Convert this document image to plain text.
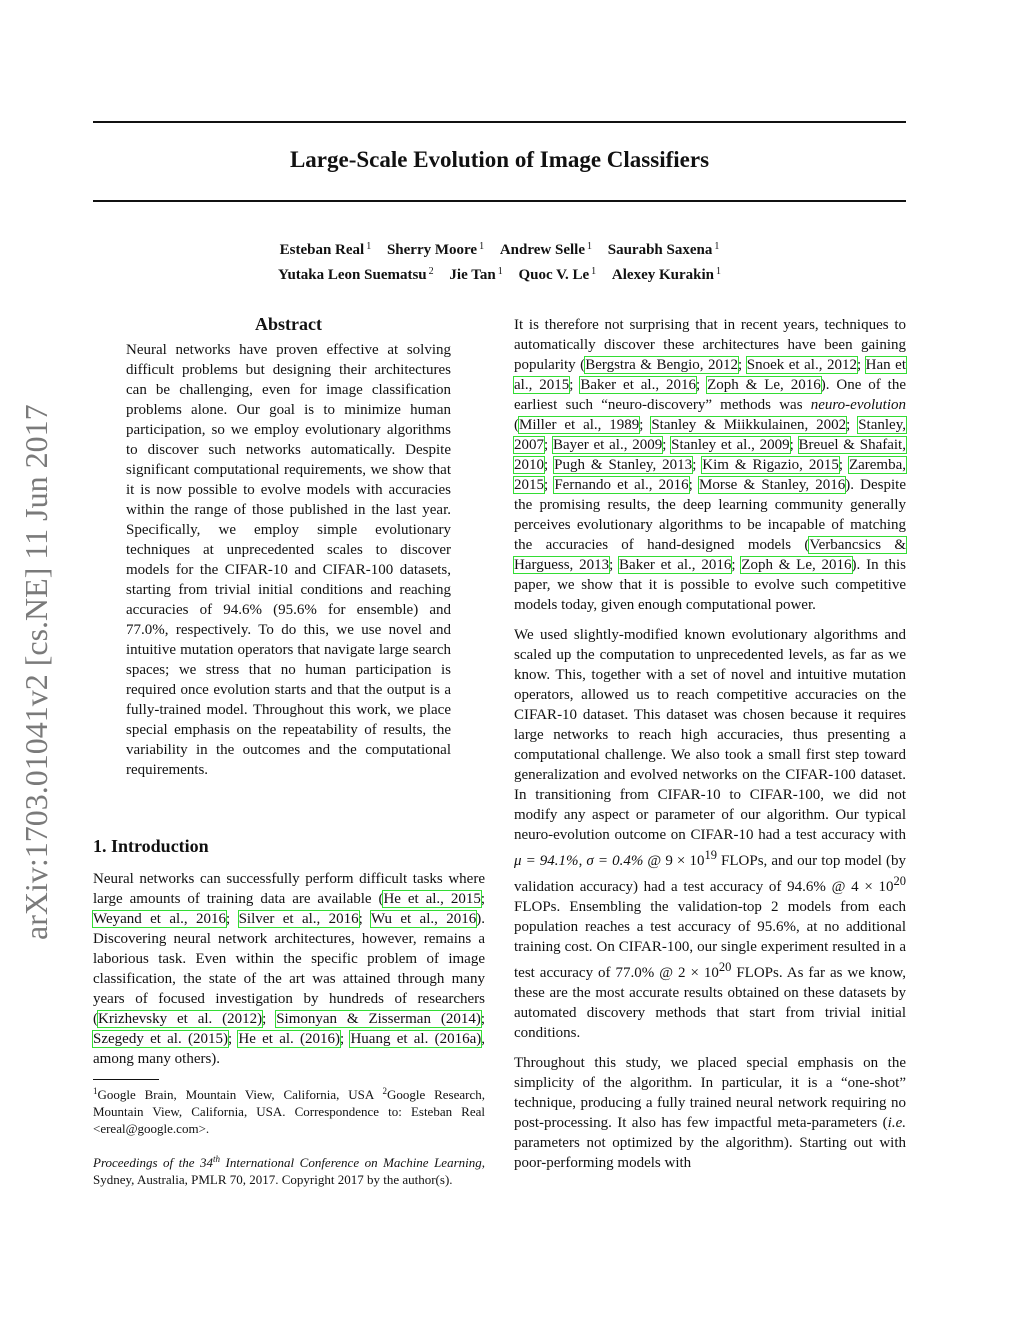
Large-Scale Evolution of Image Classifiers
Esteban Real $^1$ Sherry Moore $^1$ Andrew Selle $^1$ Saurabh Saxena $^1$
Yutaka Leon Suematsu $^2$ Jie Tan $^1$ Quoc V. Le $^1$ Alexey Kurakin $^1$
arXiv:1703.01041v2 [cs.NE] 11 Jun 2017
Abstract
Neural networks have proven effective at solving difficult problems but designing their architectures can be challenging, even for image classification problems alone. Our goal is to minimize human participation, so we employ evolutionary algorithms to discover such networks automatically. Despite significant computational requirements, we show that it is now possible to evolve models with accuracies within the range of those published in the last year. Specifically, we employ simple evolutionary techniques at unprecedented scales to discover models for the CIFAR-10 and CIFAR-100 datasets, starting from trivial initial conditions and reaching accuracies of 94.6% (95.6% for ensemble) and 77.0%, respectively. To do this, we use novel and intuitive mutation operators that navigate large search spaces; we stress that no human participation is required once evolution starts and that the output is a fully-trained model. Throughout this work, we place special emphasis on the repeatability of results, the variability in the outcomes and the computational requirements.
1. Introduction

Neural networks can successfully perform difficult tasks where large amounts of training data are available (He et al., 2015; Weyand et al., 2016; Silver et al., 2016; Wu et al., 2016). Discovering neural network architectures, however, remains a laborious task. Even within the specific problem of image classification, the state of the art was attained through many years of focused investigation by hundreds of researchers (Krizhevsky et al. (2012); Simonyan & Zisserman (2014); Szegedy et al. (2015); He et al. (2016); Huang et al. (2016a), among many others).

$^1$Google Brain, Mountain View, California, USA $^2$Google Research, Mountain View, California, USA. Correspondence to: Esteban Real <ereal@google.com>.
Proceedings of the 34th International Conference on Machine Learning, Sydney, Australia, PMLR 70, 2017. Copyright 2017 by the author(s).

It is therefore not surprising that in recent years, techniques to automatically discover these architectures have been gaining popularity (Bergstra & Bengio, 2012; Snoek et al., 2012; Han et al., 2015; Baker et al., 2016; Zoph & Le, 2016). One of the earliest such “neuro-discovery” methods was neuro-evolution (Miller et al., 1989; Stanley & Miikkulainen, 2002; Stanley, 2007; Bayer et al., 2009; Stanley et al., 2009; Breuel & Shafait, 2010; Pugh & Stanley, 2013; Kim & Rigazio, 2015; Zaremba, 2015; Fernando et al., 2016; Morse & Stanley, 2016). Despite the promising results, the deep learning community generally perceives evolutionary algorithms to be incapable of matching the accuracies of hand-designed models (Verbancsics & Harguess, 2013; Baker et al., 2016; Zoph & Le, 2016). In this paper, we show that it is possible to evolve such competitive models today, given enough computational power.

We used slightly-modified known evolutionary algorithms and scaled up the computation to unprecedented levels, as far as we know. This, together with a set of novel and intuitive mutation operators, allowed us to reach competitive accuracies on the CIFAR-10 dataset. This dataset was chosen because it requires large networks to reach high accuracies, thus presenting a computational challenge. We also took a small first step toward generalization and evolved networks on the CIFAR-100 dataset. In transitioning from CIFAR-10 to CIFAR-100, we did not modify any aspect or parameter of our algorithm. Our typical neuro-evolution outcome on CIFAR-10 had a test accuracy with μ = 94.1%, σ = 0.4% @ $9 \times 10^{19}$ FLOPs, and our top model (by validation accuracy) had a test accuracy of 94.6% @ $4 \times 10^{20}$ FLOPs. Ensembling the validation-top 2 models from each population reaches a test accuracy of 95.6%, at no additional training cost. On CIFAR-100, our single experiment resulted in a test accuracy of 77.0% @ $2 \times 10^{20}$ FLOPs. As far as we know, these are the most accurate results obtained on these datasets by automated discovery methods that start from trivial initial conditions.

Throughout this study, we placed special emphasis on the simplicity of the algorithm. In particular, it is a “one-shot” technique, producing a fully trained neural network requiring no post-processing. It also has few impactful meta-parameters (i.e. parameters not optimized by the algorithm). Starting out with poor-performing models with
